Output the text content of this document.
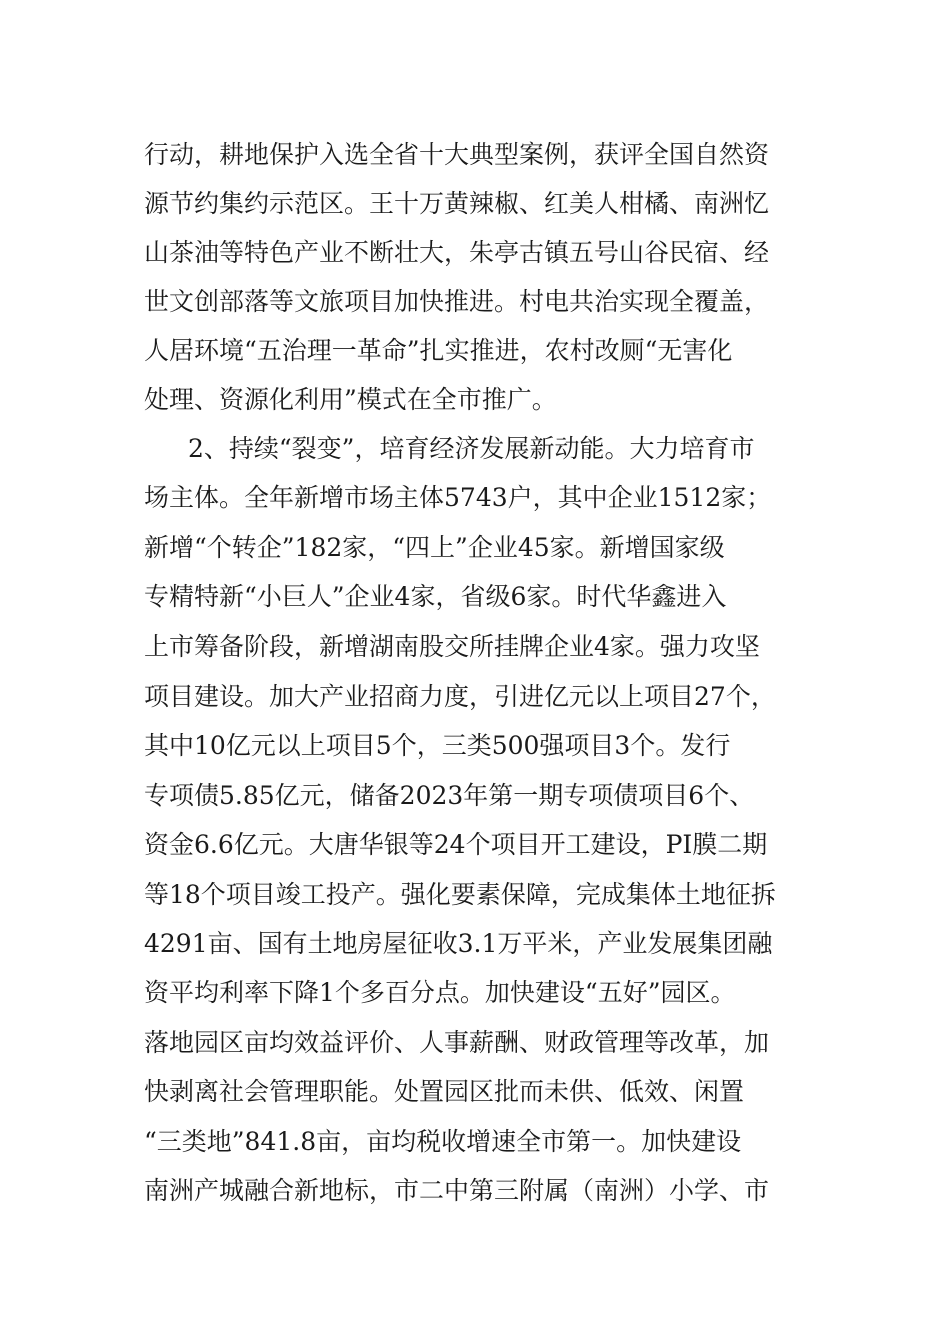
行动，耕地保护入选全省十大典型案例，获评全国自然资
源节约集约示范区。王十万黄辣椒、红美人柑橘、南洲忆
山茶油等特色产业不断壮大，朱亭古镇五号山谷民宿、经
世文创部落等文旅项目加快推进。村电共治实现全覆盖，
人居环境“五治理一革命”扎实推进，农村改厕“无害化
处理、资源化利用”模式在全市推广。
2、持续“裂变”，培育经济发展新动能。大力培育市
场主体。全年新增市场主体5743户，其中企业1512家；
新增“个转企”182家，“四上”企业45家。新增国家级
专精特新“小巨人”企业4家，省级6家。时代华鑫进入
上市筹备阶段，新增湖南股交所挂牌企业4家。强力攻坚
项目建设。加大产业招商力度，引进亿元以上项目27个，
其中10亿元以上项目5个，三类500强项目3个。发行
专项债5.85亿元，储备2023年第一期专项债项目6个、
资金6.6亿元。大唐华银等24个项目开工建设，PI膜二期
等18个项目竣工投产。强化要素保障，完成集体土地征拆
4291亩、国有土地房屋征收3.1万平米，产业发展集团融
资平均利率下降1个多百分点。加快建设“五好”园区。
落地园区亩均效益评价、人事薪酬、财政管理等改革，加
快剥离社会管理职能。处置园区批而未供、低效、闲置
“三类地”841.8亩，亩均税收增速全市第一。加快建设
南洲产城融合新地标，市二中第三附属（南洲）小学、市
